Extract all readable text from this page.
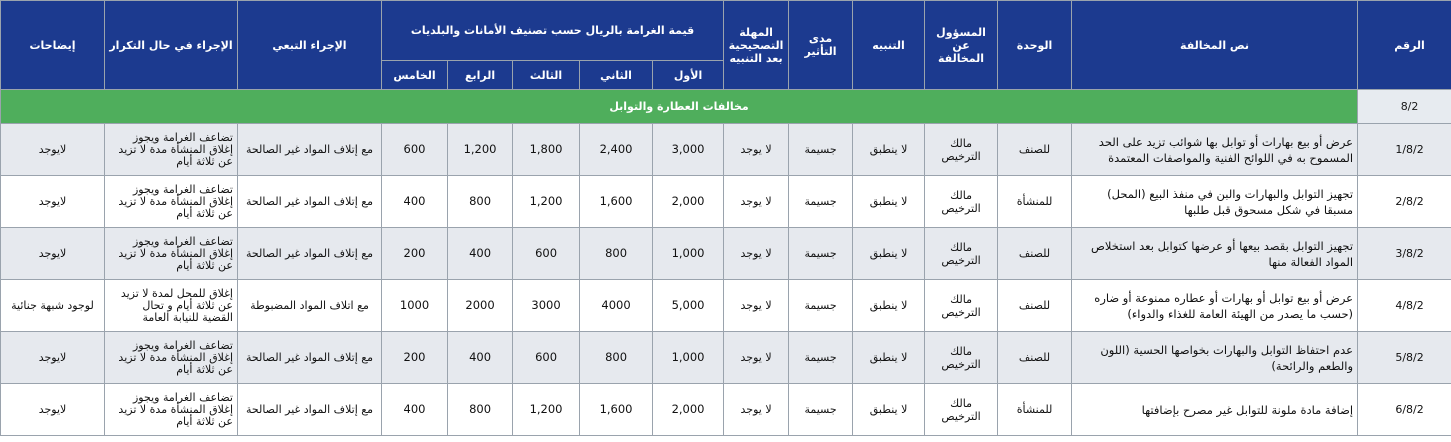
الرقم	نص المخالفة	الوحدة	المسؤول عن المخالفة	التنبيه	مدى التأثير	المهلة التصحيحية بعد التنبيه	قيمة الغرامة بالريال حسب تصنيف الأمانات والبلديات					الإجراء التبعي	الإجراء في حال التكرار	إيضاحات
							الأول	الثاني	الثالث	الرابع	الخامس			
8/2	مخالفات العطارة والتوابل													
1/8/2	عرض أو بيع بهارات أو توابل بها شوائب تزيد على الحد المسموح به في اللوائح الفنية والمواصفات المعتمدة	للصنف	مالك الترخيص	لا ينطبق	جسيمة	لا يوجد	3,000	2,400	1,800	1,200	600	مع إتلاف المواد غير الصالحة	تضاعف الغرامة ويجوز إغلاق المنشأة مدة لا تزيد عن ثلاثة أيام	لايوجد
2/8/2	تجهيز التوابل والبهارات والبن في منفذ البيع (المحل) مسبقا في شكل مسحوق قبل طلبها	للمنشأة	مالك الترخيص	لا ينطبق	جسيمة	لا يوجد	2,000	1,600	1,200	800	400	مع إتلاف المواد غير الصالحة	تضاعف الغرامة ويجوز إغلاق المنشأة مدة لا تزيد عن ثلاثة أيام	لايوجد
3/8/2	تجهيز التوابل بقصد بيعها أو عرضها كتوابل بعد استخلاص المواد الفعالة منها	للصنف	مالك الترخيص	لا ينطبق	جسيمة	لا يوجد	1,000	800	600	400	200	مع إتلاف المواد غير الصالحة	تضاعف الغرامة ويجوز إغلاق المنشأة مدة لا تزيد عن ثلاثة أيام	لايوجد
4/8/2	عرض أو بيع توابل أو بهارات أو عطاره ممنوعة أو ضاره (حسب ما يصدر من الهيئة العامة للغذاء والدواء)	للصنف	مالك الترخيص	لا ينطبق	جسيمة	لا يوجد	5,000	4000	3000	2000	1000	مع اتلاف المواد المضبوطة	إغلاق للمحل لمدة لا تزيد عن ثلاثة أيام و تحال القضية للنيابة العامة	لوجود شبهة جنائية
5/8/2	عدم احتفاظ التوابل والبهارات بخواصها الحسية (اللون والطعم والرائحة)	للصنف	مالك الترخيص	لا ينطبق	جسيمة	لا يوجد	1,000	800	600	400	200	مع إتلاف المواد غير الصالحة	تضاعف الغرامة ويجوز إغلاق المنشأة مدة لا تزيد عن ثلاثة أيام	لايوجد
6/8/2	إضافة مادة ملونة للتوابل غير مصرح بإضافتها	للمنشأة	مالك الترخيص	لا ينطبق	جسيمة	لا يوجد	2,000	1,600	1,200	800	400	مع إتلاف المواد غير الصالحة	تضاعف الغرامة ويجوز إغلاق المنشأة مدة لا تزيد عن ثلاثة أيام	لايوجد
